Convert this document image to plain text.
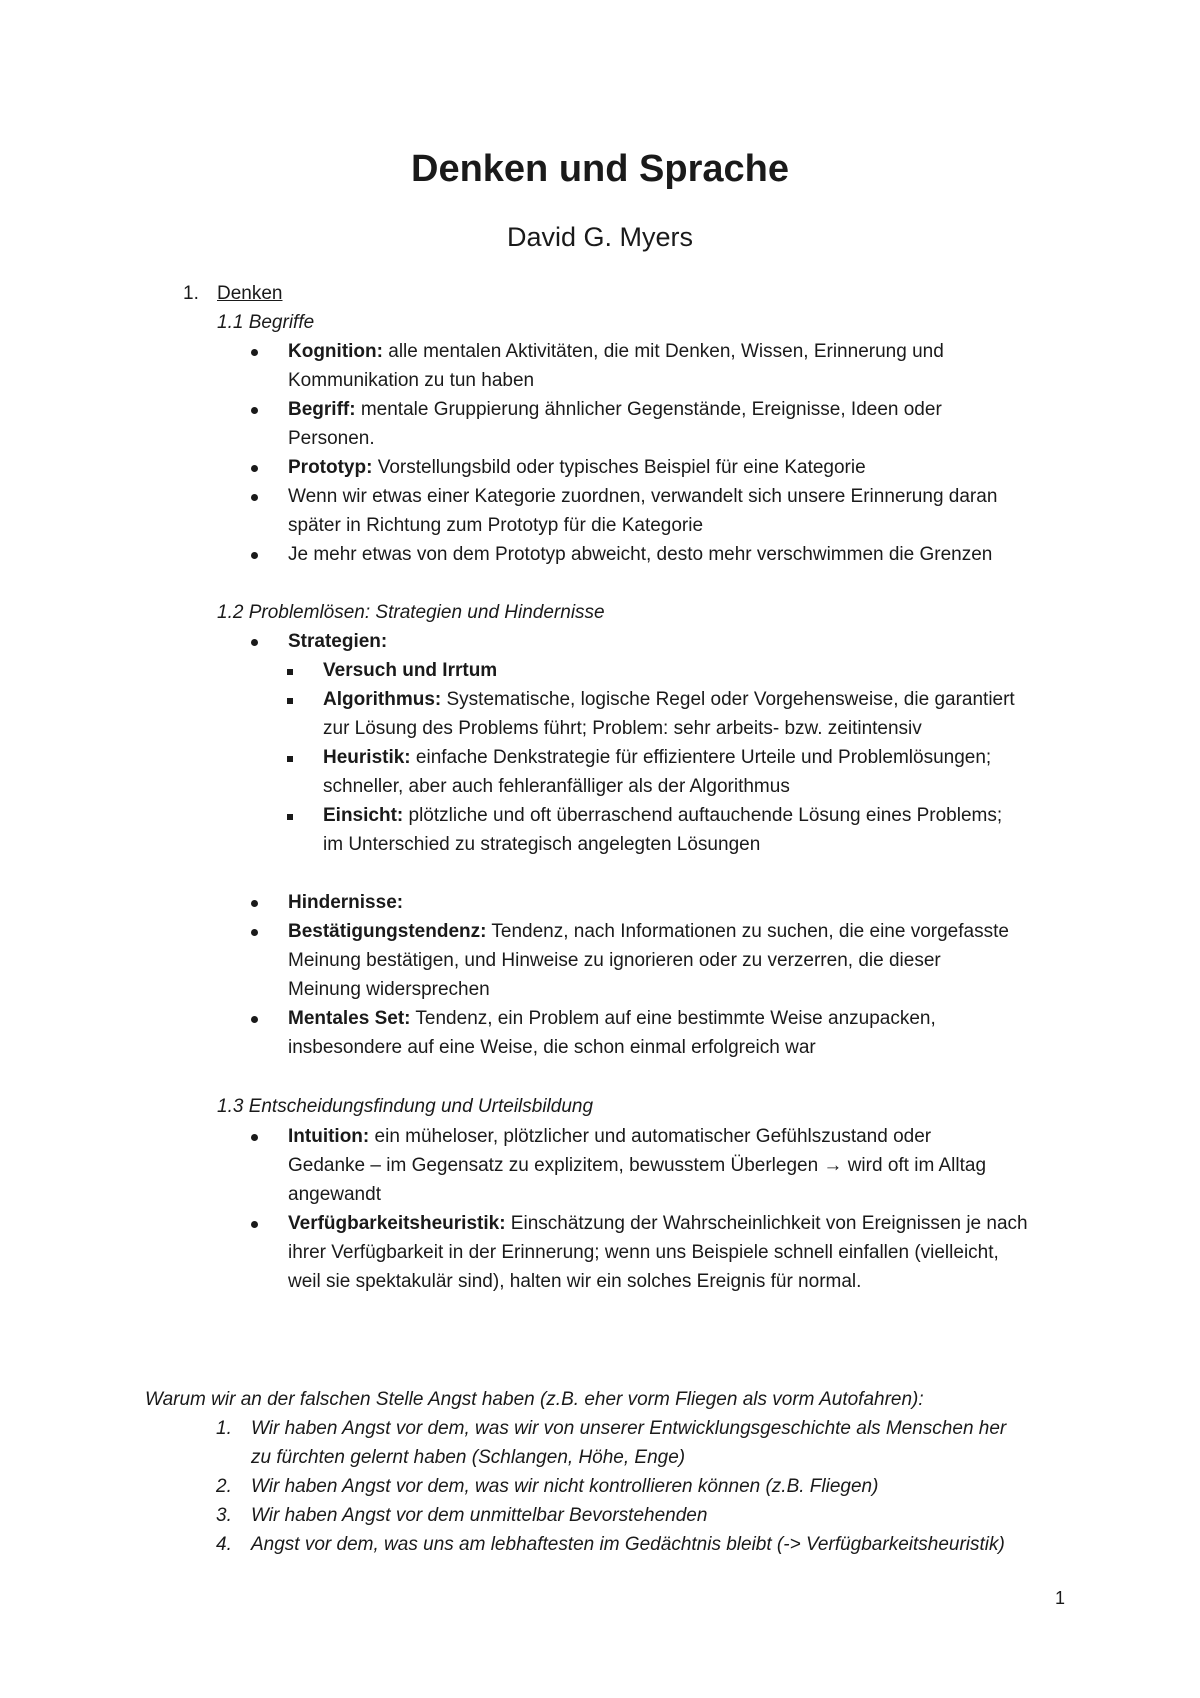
Denken und Sprache
David G. Myers
1. Denken
1.1 Begriffe
Kognition: alle mentalen Aktivitäten, die mit Denken, Wissen, Erinnerung und
Kommunikation zu tun haben
Begriff: mentale Gruppierung ähnlicher Gegenstände, Ereignisse, Ideen oder
Personen.
Prototyp: Vorstellungsbild oder typisches Beispiel für eine Kategorie
Wenn wir etwas einer Kategorie zuordnen, verwandelt sich unsere Erinnerung daran
später in Richtung zum Prototyp für die Kategorie
Je mehr etwas von dem Prototyp abweicht, desto mehr verschwimmen die Grenzen
1.2 Problemlösen: Strategien und Hindernisse
Strategien:
Versuch und Irrtum
Algorithmus: Systematische, logische Regel oder Vorgehensweise, die garantiert
zur Lösung des Problems führt; Problem: sehr arbeits- bzw. zeitintensiv
Heuristik: einfache Denkstrategie für effizientere Urteile und Problemlösungen;
schneller, aber auch fehleranfälliger als der Algorithmus
Einsicht: plötzliche und oft überraschend auftauchende Lösung eines Problems;
im Unterschied zu strategisch angelegten Lösungen
Hindernisse:
Bestätigungstendenz: Tendenz, nach Informationen zu suchen, die eine vorgefasste
Meinung bestätigen, und Hinweise zu ignorieren oder zu verzerren, die dieser
Meinung widersprechen
Mentales Set: Tendenz, ein Problem auf eine bestimmte Weise anzupacken,
insbesondere auf eine Weise, die schon einmal erfolgreich war
1.3 Entscheidungsfindung und Urteilsbildung
Intuition: ein müheloser, plötzlicher und automatischer Gefühlszustand oder
Gedanke – im Gegensatz zu explizitem, bewusstem Überlegen → wird oft im Alltag
angewandt
Verfügbarkeitsheuristik: Einschätzung der Wahrscheinlichkeit von Ereignissen je nach
ihrer Verfügbarkeit in der Erinnerung; wenn uns Beispiele schnell einfallen (vielleicht,
weil sie spektakulär sind), halten wir ein solches Ereignis für normal.
Warum wir an der falschen Stelle Angst haben (z.B. eher vorm Fliegen als vorm Autofahren):
1. Wir haben Angst vor dem, was wir von unserer Entwicklungsgeschichte als Menschen her
zu fürchten gelernt haben (Schlangen, Höhe, Enge)
2. Wir haben Angst vor dem, was wir nicht kontrollieren können (z.B. Fliegen)
3. Wir haben Angst vor dem unmittelbar Bevorstehenden
4. Angst vor dem, was uns am lebhaftesten im Gedächtnis bleibt (-> Verfügbarkeitsheuristik)
1
